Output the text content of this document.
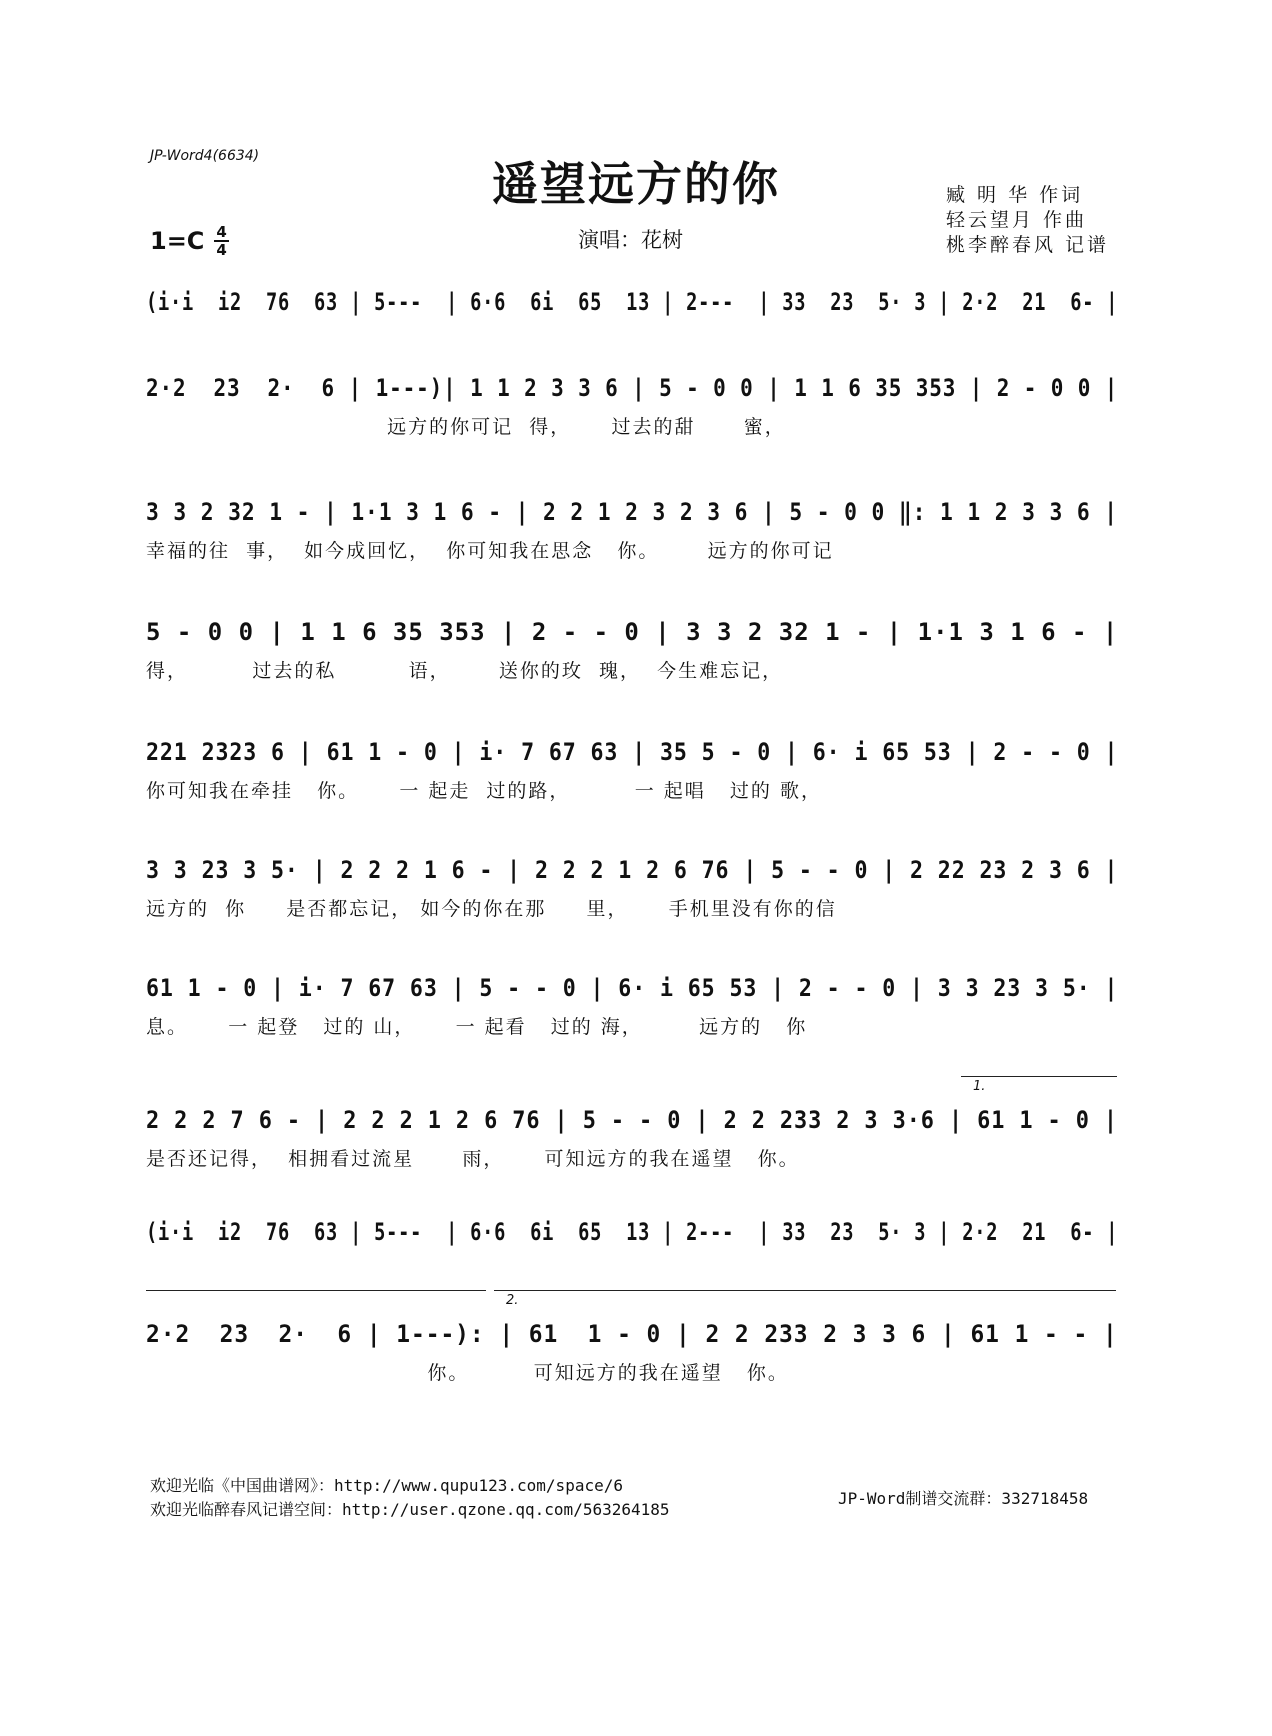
JP-Word4(6634)
遥望远方的你
1=C 4
4	演唱：花树
臧 明 华 作词
轻云望月 作曲
桃李醉春风 记谱
(i·i  i2  76  63 | 5---  | 6·6  6i  65  13 | 2---  | 33  23  5· 3 | 2·2  21  6- |
2·2  23  2·  6 | 1---)| 1 1 2 3 3 6 | 5 - 0 0 | 1 1 6 35 353 | 2 - 0 0 |
远方的你可记  得，     过去的甜      蜜，
3 3 2 32 1 - | 1·1 3 1 6 - | 2 2 1 2 3 2 3 6 | 5 - 0 0 ‖: 1 1 2 3 3 6 |
幸福的往  事，  如今成回忆，  你可知我在思念   你。      远方的你可记
5 - 0 0 | 1 1 6 35 353 | 2 - - 0 | 3 3 2 32 1 - | 1·1 3 1 6 - |
得，        过去的私         语，      送你的玫  瑰，  今生难忘记，
221 2323 6 | 61 1 - 0 | i· 7 67 63 | 35 5 - 0 | 6· i 65 53 | 2 - - 0 |
你可知我在牵挂   你。     一 起走  过的路，        一 起唱   过的 歌，
3 3 23 3 5· | 2 2 2 1 6 - | 2 2 2 1 2 6 76 | 5 - - 0 | 2 22 23 2 3 6 |
远方的  你     是否都忘记， 如今的你在那     里，     手机里没有你的信
61 1 - 0 | i· 7 67 63 | 5 - - 0 | 6· i 65 53 | 2 - - 0 | 3 3 23 3 5· |
息。     一 起登   过的 山，     一 起看   过的 海，       远方的   你
2 2 2 7 6 - | 2 2 2 1 2 6 76 | 5 - - 0 | 2 2 233 2 3 3·6 | 61 1 - 0 |
是否还记得，  相拥看过流星      雨，     可知远方的我在遥望   你。
1.
(i·i  i2  76  63 | 5---  | 6·6  6i  65  13 | 2---  | 33  23  5· 3 | 2·2  21  6- |
2·2  23  2·  6 | 1---): | 61  1 - 0 | 2 2 233 2 3 3 6 | 61 1 - - |
你。        可知远方的我在遥望   你。
2.
欢迎光临《中国曲谱网》：http://www.qupu123.com/space/6
欢迎光临醉春风记谱空间：http://user.qzone.qq.com/563264185
JP-Word制谱交流群：332718458
